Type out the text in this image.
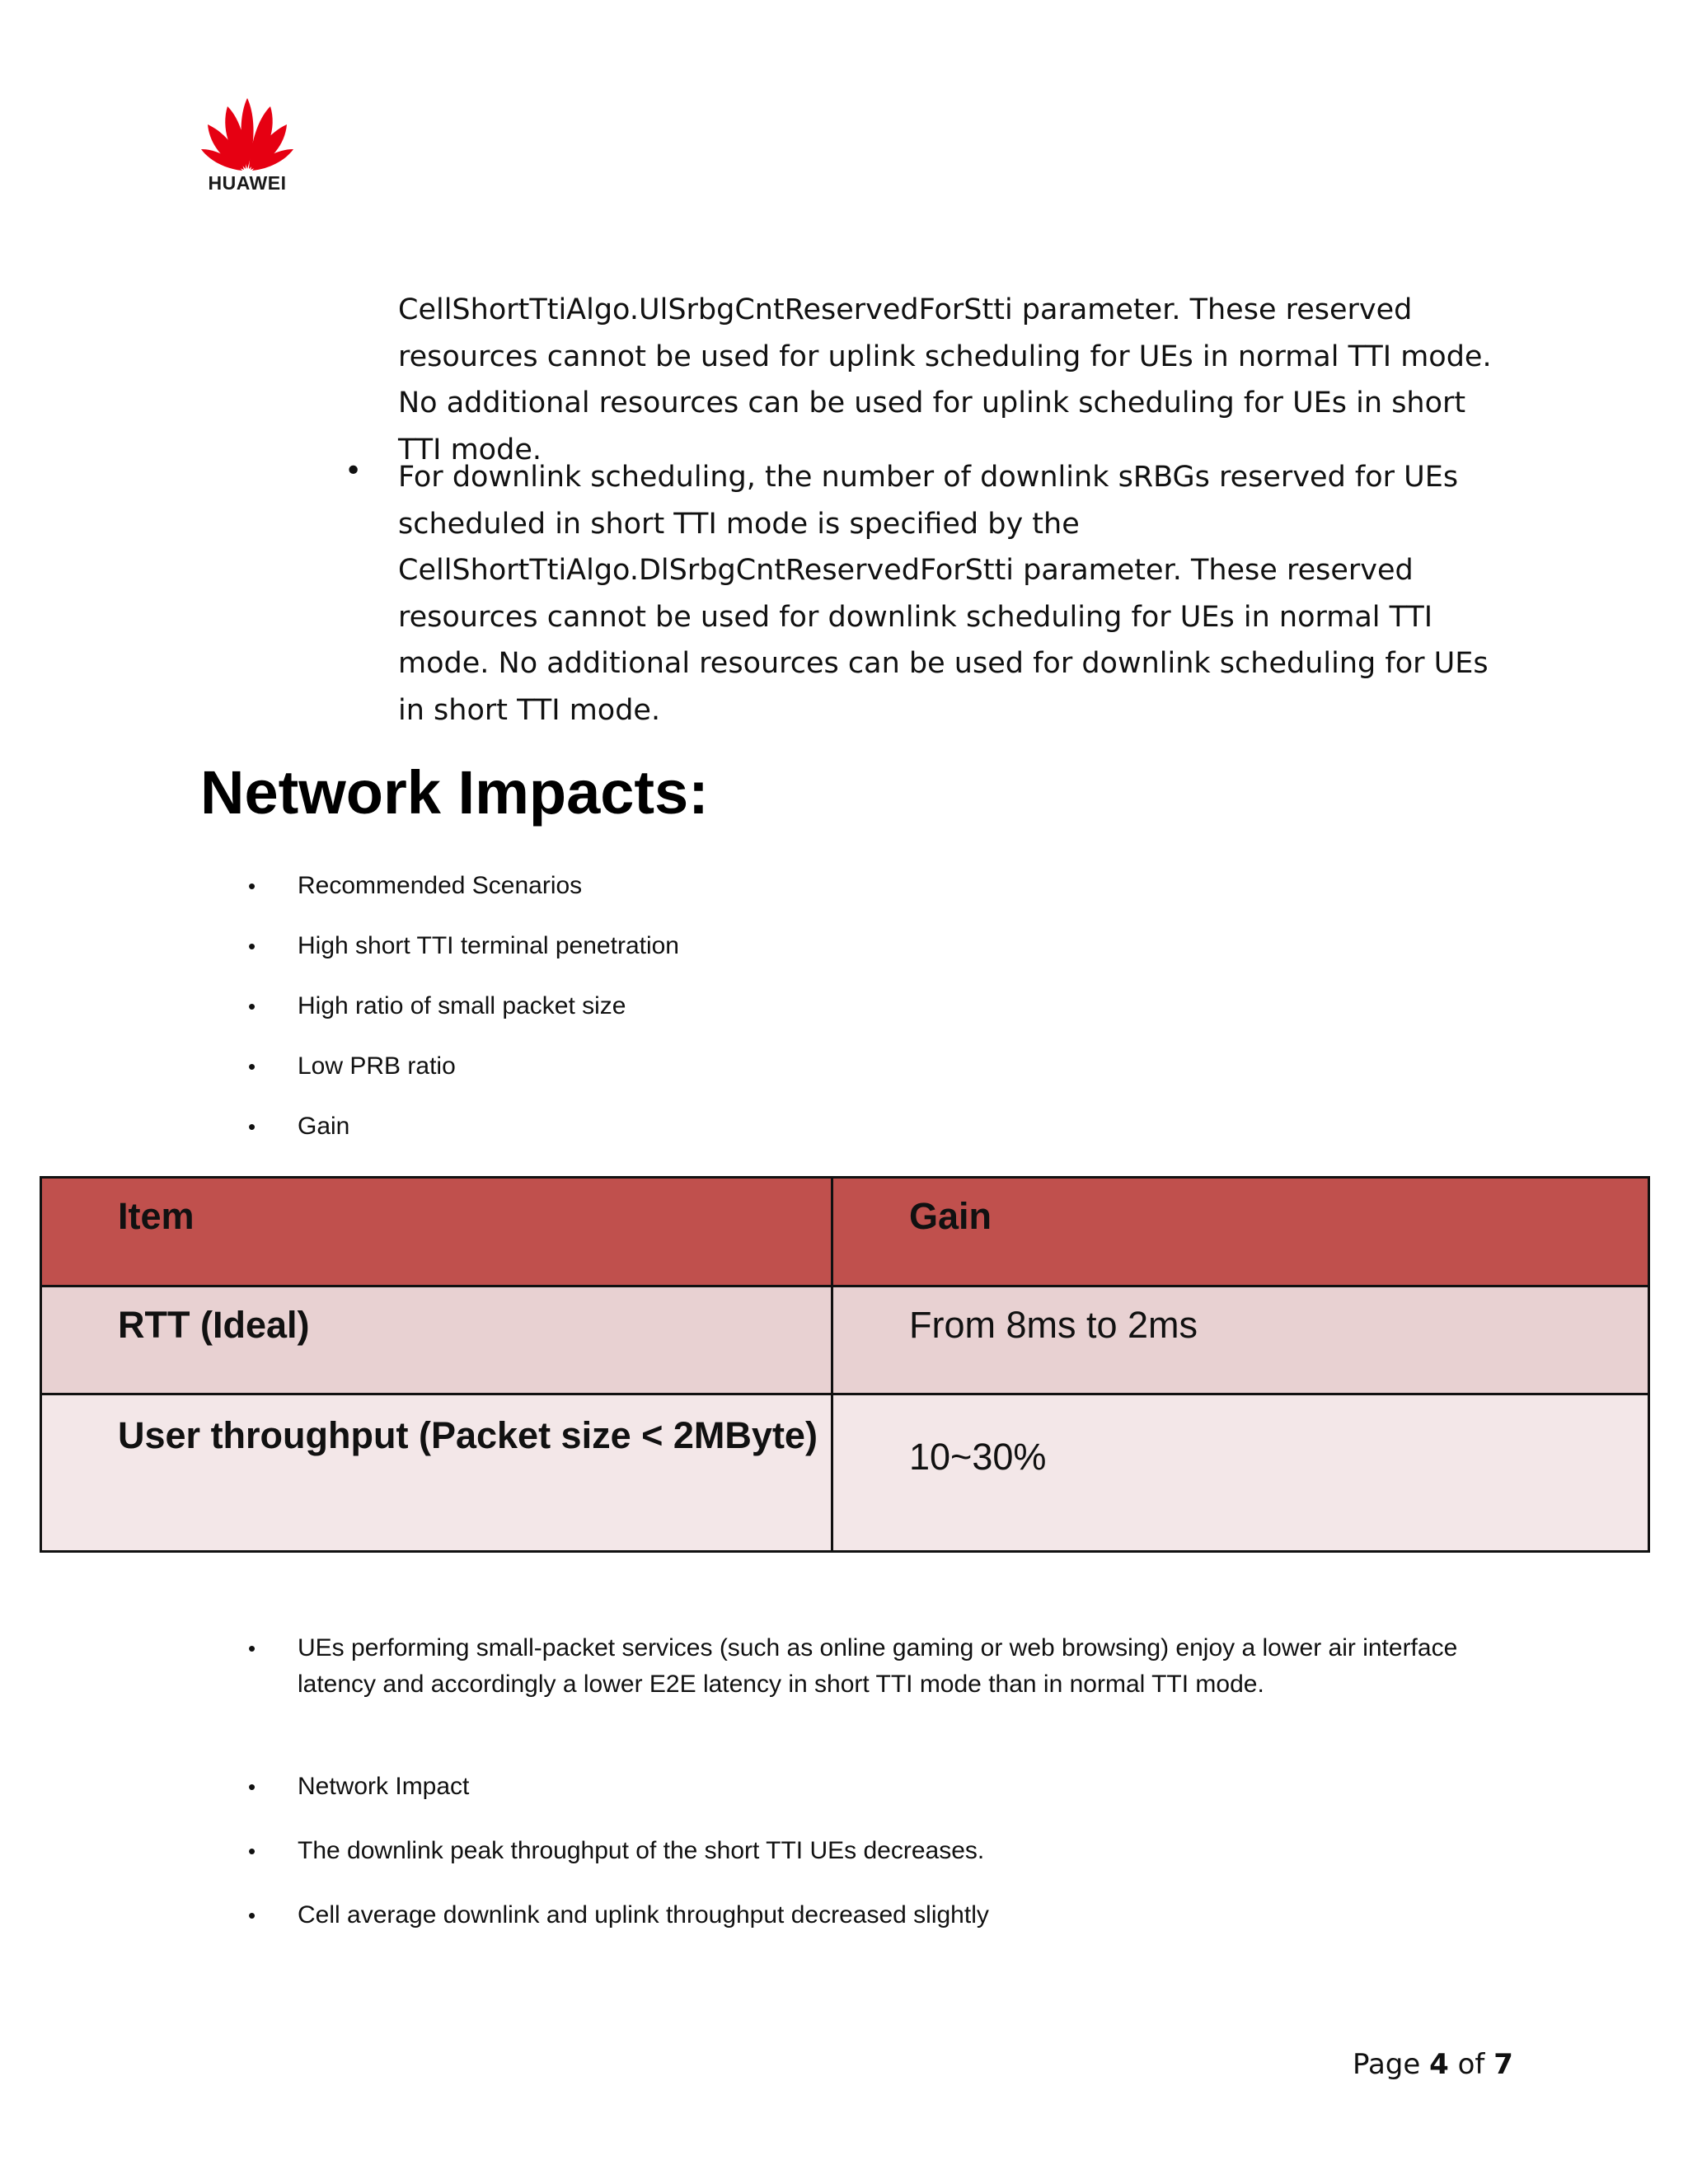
HUAWEI

CellShortTtiAlgo.UlSrbgCntReservedForStti parameter. These reserved resources cannot be used for uplink scheduling for UEs in normal TTI mode. No additional resources can be used for uplink scheduling for UEs in short TTI mode.

• For downlink scheduling, the number of downlink sRBGs reserved for UEs scheduled in short TTI mode is specified by the CellShortTtiAlgo.DlSrbgCntReservedForStti parameter. These reserved resources cannot be used for downlink scheduling for UEs in normal TTI mode. No additional resources can be used for downlink scheduling for UEs in short TTI mode.

Network Impacts:
• Recommended Scenarios
• High short TTI terminal penetration
• High ratio of small packet size
• Low PRB ratio
• Gain
Item	Gain
RTT (Ideal)	From 8ms to 2ms
User throughput (Packet size < 2MByte)	10~30%
• UEs performing small-packet services (such as online gaming or web browsing) enjoy a lower air interface latency and accordingly a lower E2E latency in short TTI mode than in normal TTI mode.
• Network Impact
• The downlink peak throughput of the short TTI UEs decreases.
• Cell average downlink and uplink throughput decreased slightly
Page 4 of 7
